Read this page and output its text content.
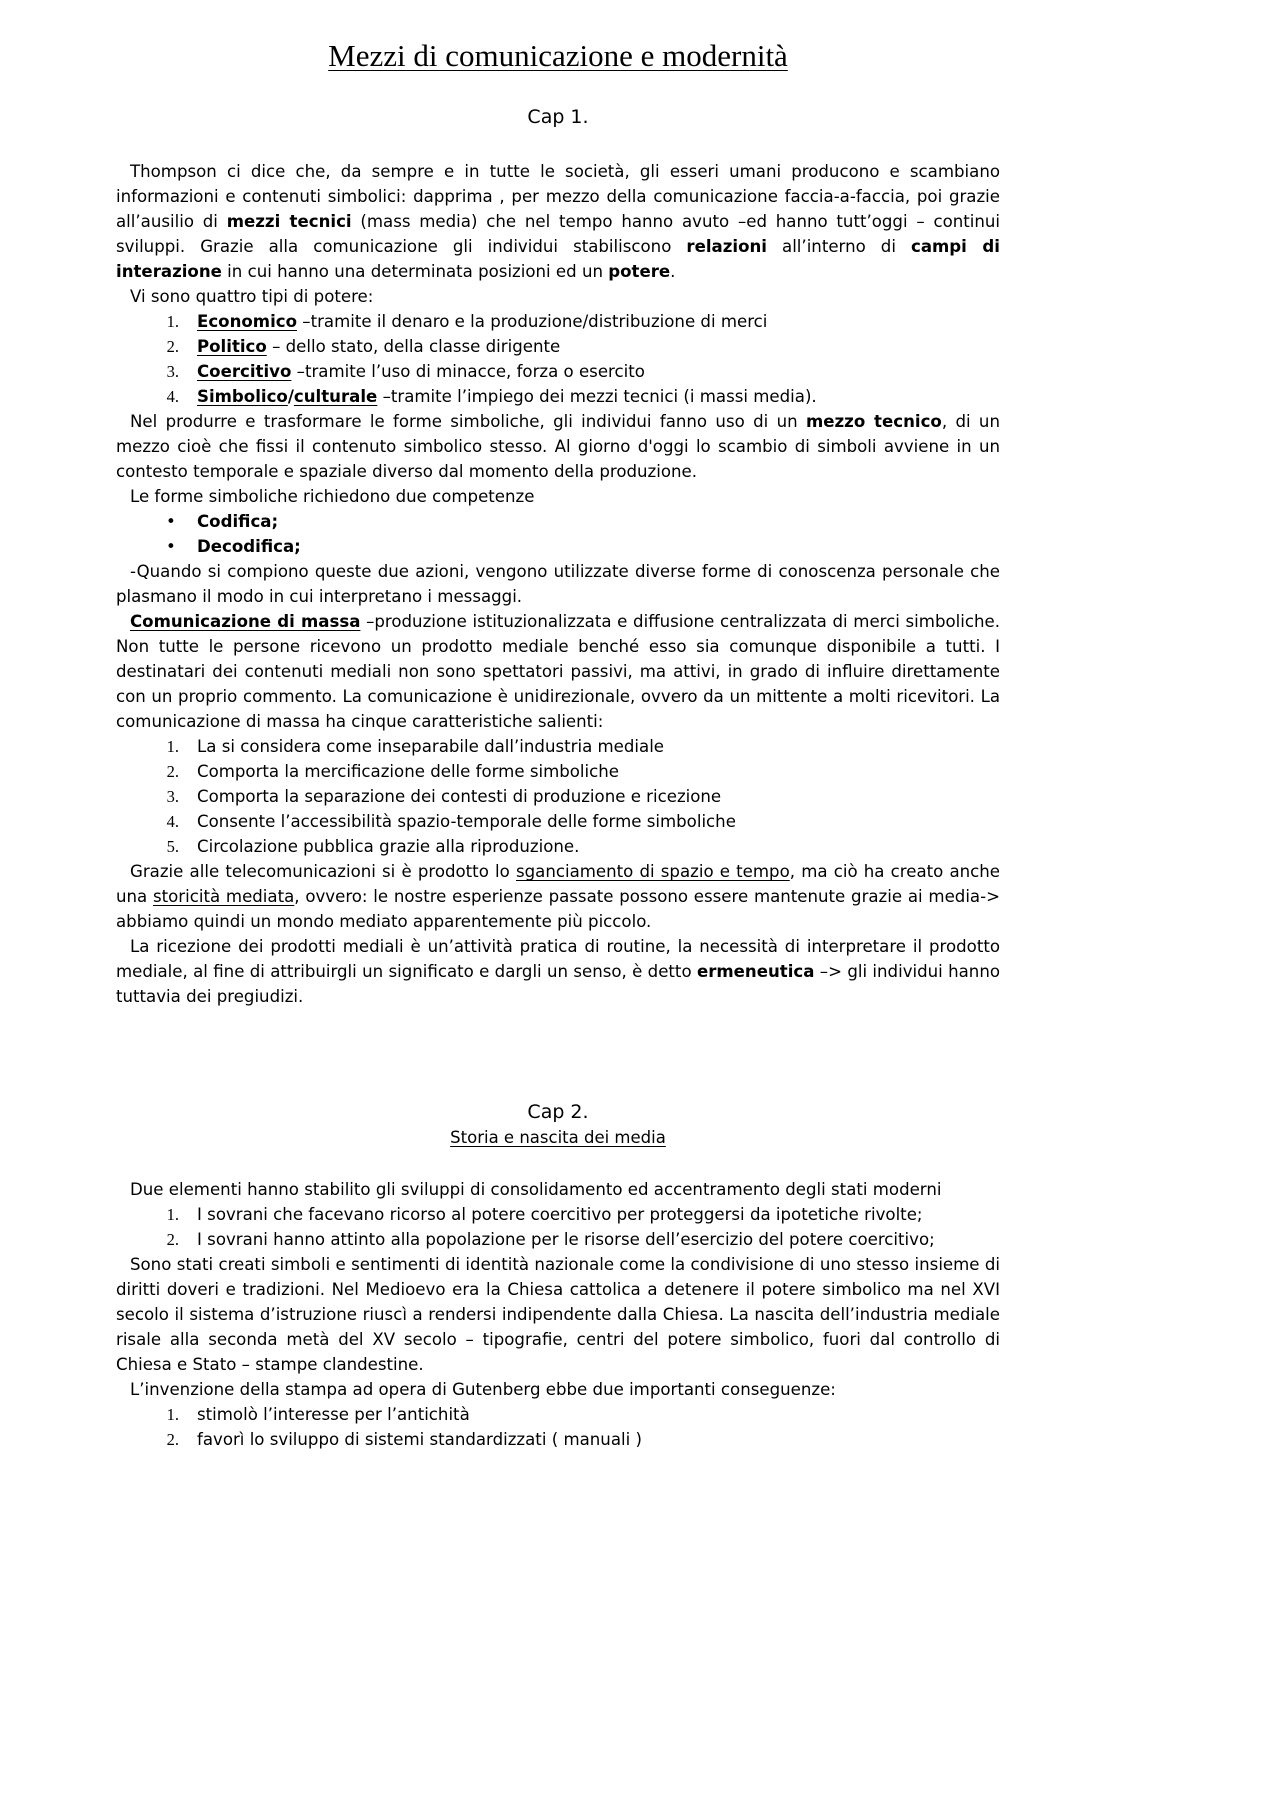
Mezzi di comunicazione e modernità
Cap 1.

Thompson ci dice che, da sempre e in tutte le società, gli esseri umani producono e scambiano informazioni e contenuti simbolici: dapprima , per mezzo della comunicazione faccia-a-faccia, poi grazie all’ausilio di mezzi tecnici (mass media) che nel tempo hanno avuto –ed hanno tutt’oggi – continui sviluppi. Grazie alla comunicazione gli individui stabiliscono relazioni all’interno di campi di interazione in cui hanno una determinata posizioni ed un potere.

Vi sono quattro tipi di potere:

1. Economico –tramite il denaro e la produzione/distribuzione di merci
2. Politico – dello stato, della classe dirigente
3. Coercitivo –tramite l’uso di minacce, forza o esercito
4. Simbolico/culturale –tramite l’impiego dei mezzi tecnici (i massi media).

Nel produrre e trasformare le forme simboliche, gli individui fanno uso di un mezzo tecnico, di un mezzo cioè che fissi il contenuto simbolico stesso. Al giorno d'oggi lo scambio di simboli avviene in un contesto temporale e spaziale diverso dal momento della produzione.

Le forme simboliche richiedono due competenze

• Codifica;
• Decodifica;

-Quando si compiono queste due azioni, vengono utilizzate diverse forme di conoscenza personale che plasmano il modo in cui interpretano i messaggi.

Comunicazione di massa –produzione istituzionalizzata e diffusione centralizzata di merci simboliche. Non tutte le persone ricevono un prodotto mediale benché esso sia comunque disponibile a tutti. I destinatari dei contenuti mediali non sono spettatori passivi, ma attivi, in grado di influire direttamente con un proprio commento. La comunicazione è unidirezionale, ovvero da un mittente a molti ricevitori. La comunicazione di massa ha cinque caratteristiche salienti:

1. La si considera come inseparabile dall’industria mediale
2. Comporta la mercificazione delle forme simboliche
3. Comporta la separazione dei contesti di produzione e ricezione
4. Consente l’accessibilità spazio-temporale delle forme simboliche
5. Circolazione pubblica grazie alla riproduzione.

Grazie alle telecomunicazioni si è prodotto lo sganciamento di spazio e tempo, ma ciò ha creato anche una storicità mediata, ovvero: le nostre esperienze passate possono essere mantenute grazie ai media-> abbiamo quindi un mondo mediato apparentemente più piccolo.

La ricezione dei prodotti mediali è un’attività pratica di routine, la necessità di interpretare il prodotto mediale, al fine di attribuirgli un significato e dargli un senso, è detto ermeneutica –> gli individui hanno tuttavia dei pregiudizi.

Cap 2.
Storia e nascita dei media

Due elementi hanno stabilito gli sviluppi di consolidamento ed accentramento degli stati moderni

1. I sovrani che facevano ricorso al potere coercitivo per proteggersi da ipotetiche rivolte;
2. I sovrani hanno attinto alla popolazione per le risorse dell’esercizio del potere coercitivo;

Sono stati creati simboli e sentimenti di identità nazionale come la condivisione di uno stesso insieme di diritti doveri e tradizioni. Nel Medioevo era la Chiesa cattolica a detenere il potere simbolico ma nel XVI secolo il sistema d’istruzione riuscì a rendersi indipendente dalla Chiesa. La nascita dell’industria mediale risale alla seconda metà del XV secolo – tipografie, centri del potere simbolico, fuori dal controllo di Chiesa e Stato – stampe clandestine.

L’invenzione della stampa ad opera di Gutenberg ebbe due importanti conseguenze:

1. stimolò l’interesse per l’antichità
2. favorì lo sviluppo di sistemi standardizzati ( manuali )
